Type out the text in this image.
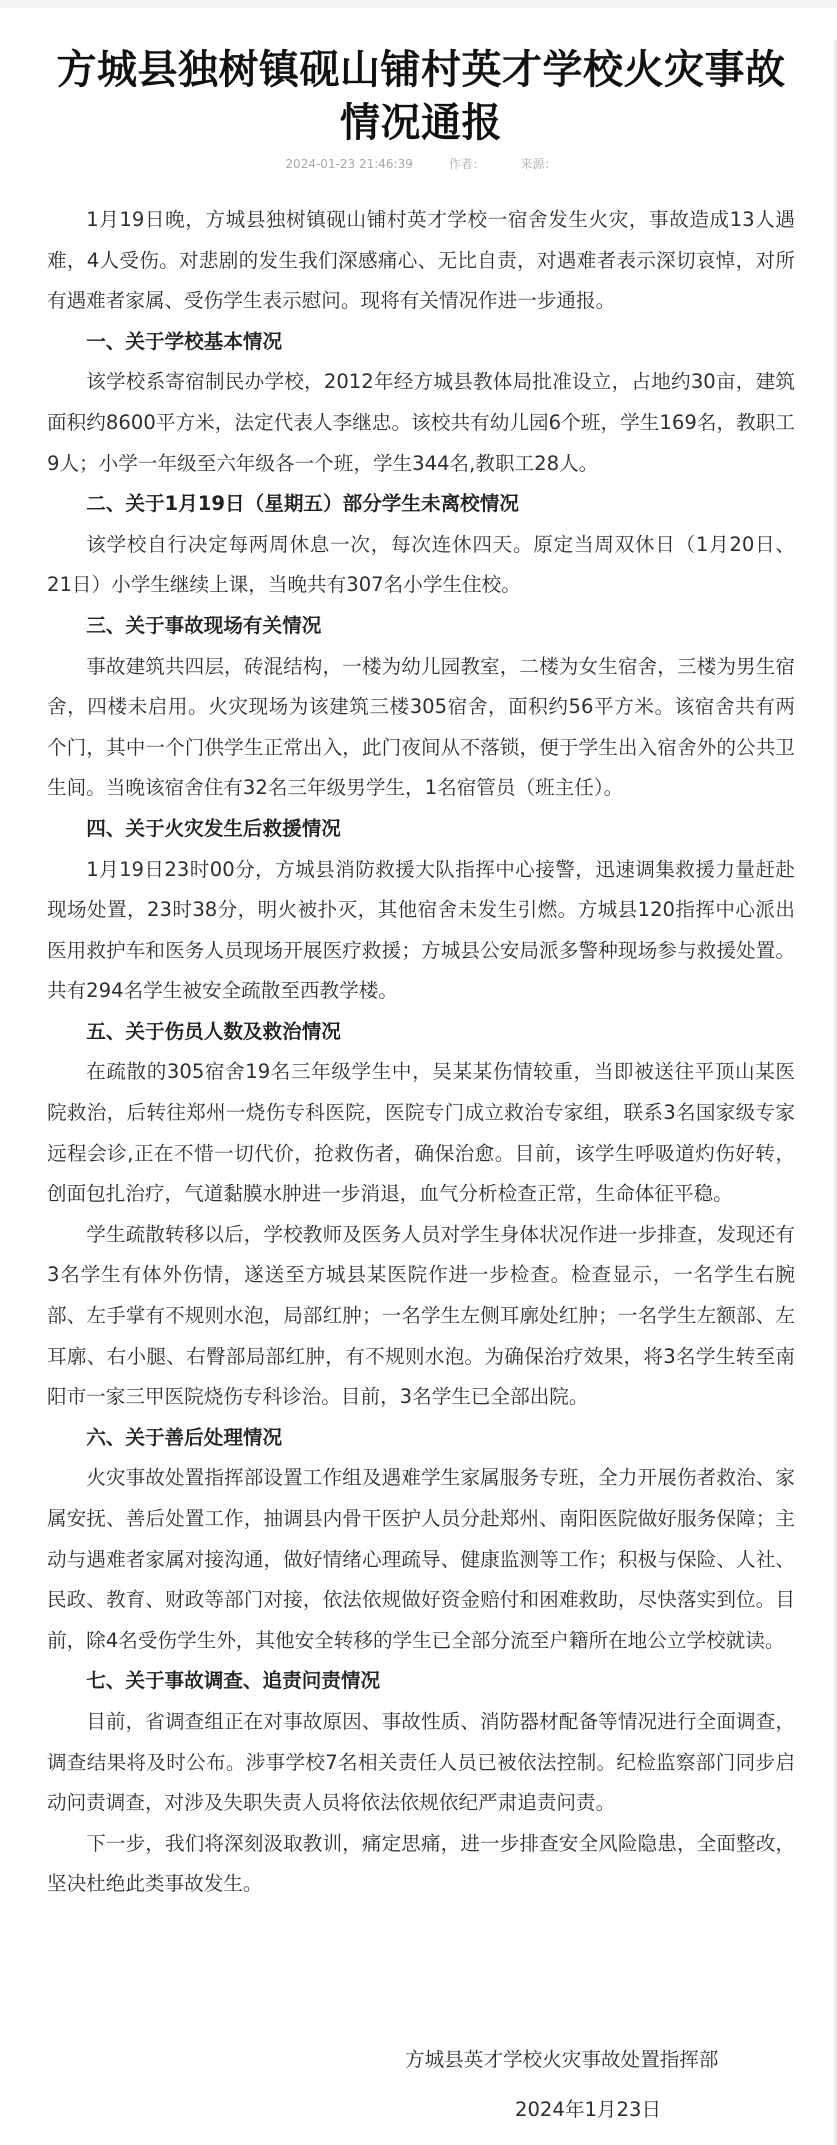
方城县独树镇砚山铺村英才学校火灾事故情况通报
2024-01-23 21:46:39	作者：	来源：

1月19日晚，方城县独树镇砚山铺村英才学校一宿舍发生火灾，事故造成13人遇难，4人受伤。对悲剧的发生我们深感痛心、无比自责，对遇难者表示深切哀悼，对所有遇难者家属、受伤学生表示慰问。现将有关情况作进一步通报。

一、关于学校基本情况

该学校系寄宿制民办学校，2012年经方城县教体局批准设立，占地约30亩，建筑面积约8600平方米，法定代表人李继忠。该校共有幼儿园6个班，学生169名，教职工9人；小学一年级至六年级各一个班，学生344名,教职工28人。

二、关于1月19日（星期五）部分学生未离校情况

该学校自行决定每两周休息一次，每次连休四天。原定当周双休日（1月20日、21日）小学生继续上课，当晚共有307名小学生住校。

三、关于事故现场有关情况

事故建筑共四层，砖混结构，一楼为幼儿园教室，二楼为女生宿舍，三楼为男生宿舍，四楼未启用。火灾现场为该建筑三楼305宿舍，面积约56平方米。该宿舍共有两个门，其中一个门供学生正常出入，此门夜间从不落锁，便于学生出入宿舍外的公共卫生间。当晚该宿舍住有32名三年级男学生，1名宿管员（班主任）。

四、关于火灾发生后救援情况

1月19日23时00分，方城县消防救援大队指挥中心接警，迅速调集救援力量赶赴现场处置，23时38分，明火被扑灭，其他宿舍未发生引燃。方城县120指挥中心派出医用救护车和医务人员现场开展医疗救援；方城县公安局派多警种现场参与救援处置。共有294名学生被安全疏散至西教学楼。

五、关于伤员人数及救治情况

在疏散的305宿舍19名三年级学生中，吴某某伤情较重，当即被送往平顶山某医院救治，后转往郑州一烧伤专科医院，医院专门成立救治专家组，联系3名国家级专家远程会诊,正在不惜一切代价，抢救伤者，确保治愈。目前，该学生呼吸道灼伤好转，创面包扎治疗，气道黏膜水肿进一步消退，血气分析检查正常，生命体征平稳。

学生疏散转移以后，学校教师及医务人员对学生身体状况作进一步排查，发现还有3名学生有体外伤情，遂送至方城县某医院作进一步检查。检查显示，一名学生右腕部、左手掌有不规则水泡，局部红肿；一名学生左侧耳廓处红肿；一名学生左额部、左耳廓、右小腿、右臀部局部红肿，有不规则水泡。为确保治疗效果，将3名学生转至南阳市一家三甲医院烧伤专科诊治。目前，3名学生已全部出院。

六、关于善后处理情况

火灾事故处置指挥部设置工作组及遇难学生家属服务专班，全力开展伤者救治、家属安抚、善后处置工作，抽调县内骨干医护人员分赴郑州、南阳医院做好服务保障；主动与遇难者家属对接沟通，做好情绪心理疏导、健康监测等工作；积极与保险、人社、民政、教育、财政等部门对接，依法依规做好资金赔付和困难救助，尽快落实到位。目前，除4名受伤学生外，其他安全转移的学生已全部分流至户籍所在地公立学校就读。

七、关于事故调查、追责问责情况

目前，省调查组正在对事故原因、事故性质、消防器材配备等情况进行全面调查，调查结果将及时公布。涉事学校7名相关责任人员已被依法控制。纪检监察部门同步启动问责调查，对涉及失职失责人员将依法依规依纪严肃追责问责。

下一步，我们将深刻汲取教训，痛定思痛，进一步排查安全风险隐患，全面整改，坚决杜绝此类事故发生。

方城县英才学校火灾事故处置指挥部
2024年1月23日
